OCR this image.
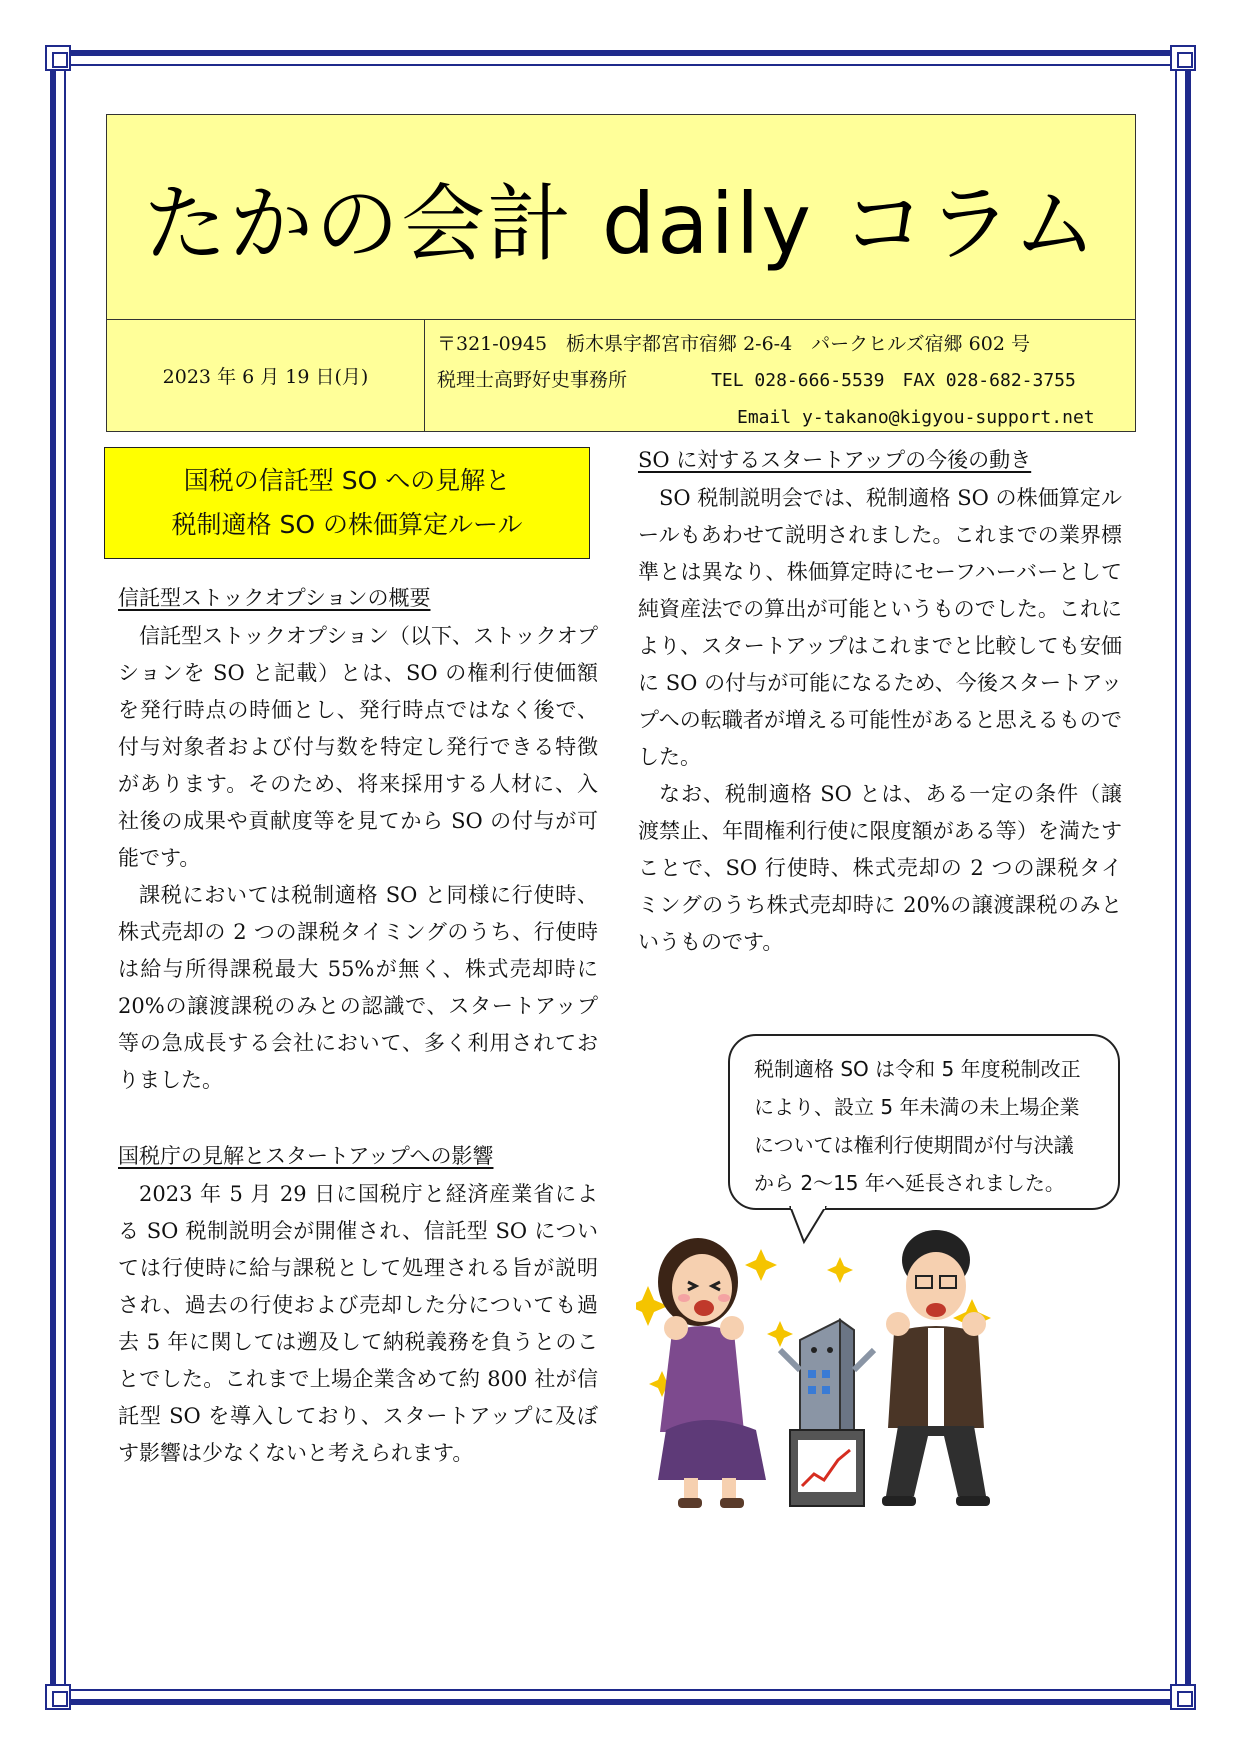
たかの会計 daily コラム
2023 年 6 月 19 日(月)
〒321-0945　栃木県宇都宮市宿郷 2-6-4　パークヒルズ宿郷 602 号
税理士高野好史事務所	TEL 028-666-5539　FAX 028-682-3755
Email y-takano@kigyou-support.net
国税の信託型 SO への見解と
税制適格 SO の株価算定ルール

信託型ストックオプションの概要

信託型ストックオプション（以下、ストックオプションを SO と記載）とは、SO の権利行使価額を発行時点の時価とし、発行時点ではなく後で、付与対象者および付与数を特定し発行できる特徴があります。そのため、将来採用する人材に、入社後の成果や貢献度等を見てから SO の付与が可能です。

課税においては税制適格 SO と同様に行使時、株式売却の 2 つの課税タイミングのうち、行使時は給与所得課税最大 55%が無く、株式売却時に 20%の譲渡課税のみとの認識で、スタートアップ等の急成長する会社において、多く利用されておりました。

国税庁の見解とスタートアップへの影響

2023 年 5 月 29 日に国税庁と経済産業省による SO 税制説明会が開催され、信託型 SO については行使時に給与課税として処理される旨が説明され、過去の行使および売却した分についても過去 5 年に関しては遡及して納税義務を負うとのことでした。これまで上場企業含めて約 800 社が信託型 SO を導入しており、スタートアップに及ぼす影響は少なくないと考えられます。

SO に対するスタートアップの今後の動き

SO 税制説明会では、税制適格 SO の株価算定ルールもあわせて説明されました。これまでの業界標準とは異なり、株価算定時にセーフハーバーとして純資産法での算出が可能というものでした。これにより、スタートアップはこれまでと比較しても安価に SO の付与が可能になるため、今後スタートアップへの転職者が増える可能性があると思えるものでした。

なお、税制適格 SO とは、ある一定の条件（譲渡禁止、年間権利行使に限度額がある等）を満たすことで、SO 行使時、株式売却の 2 つの課税タイミングのうち株式売却時に 20%の譲渡課税のみというものです。

税制適格 SO は令和 5 年度税制改正
により、設立 5 年未満の未上場企業
については権利行使期間が付与決議
から 2～15 年へ延長されました。
